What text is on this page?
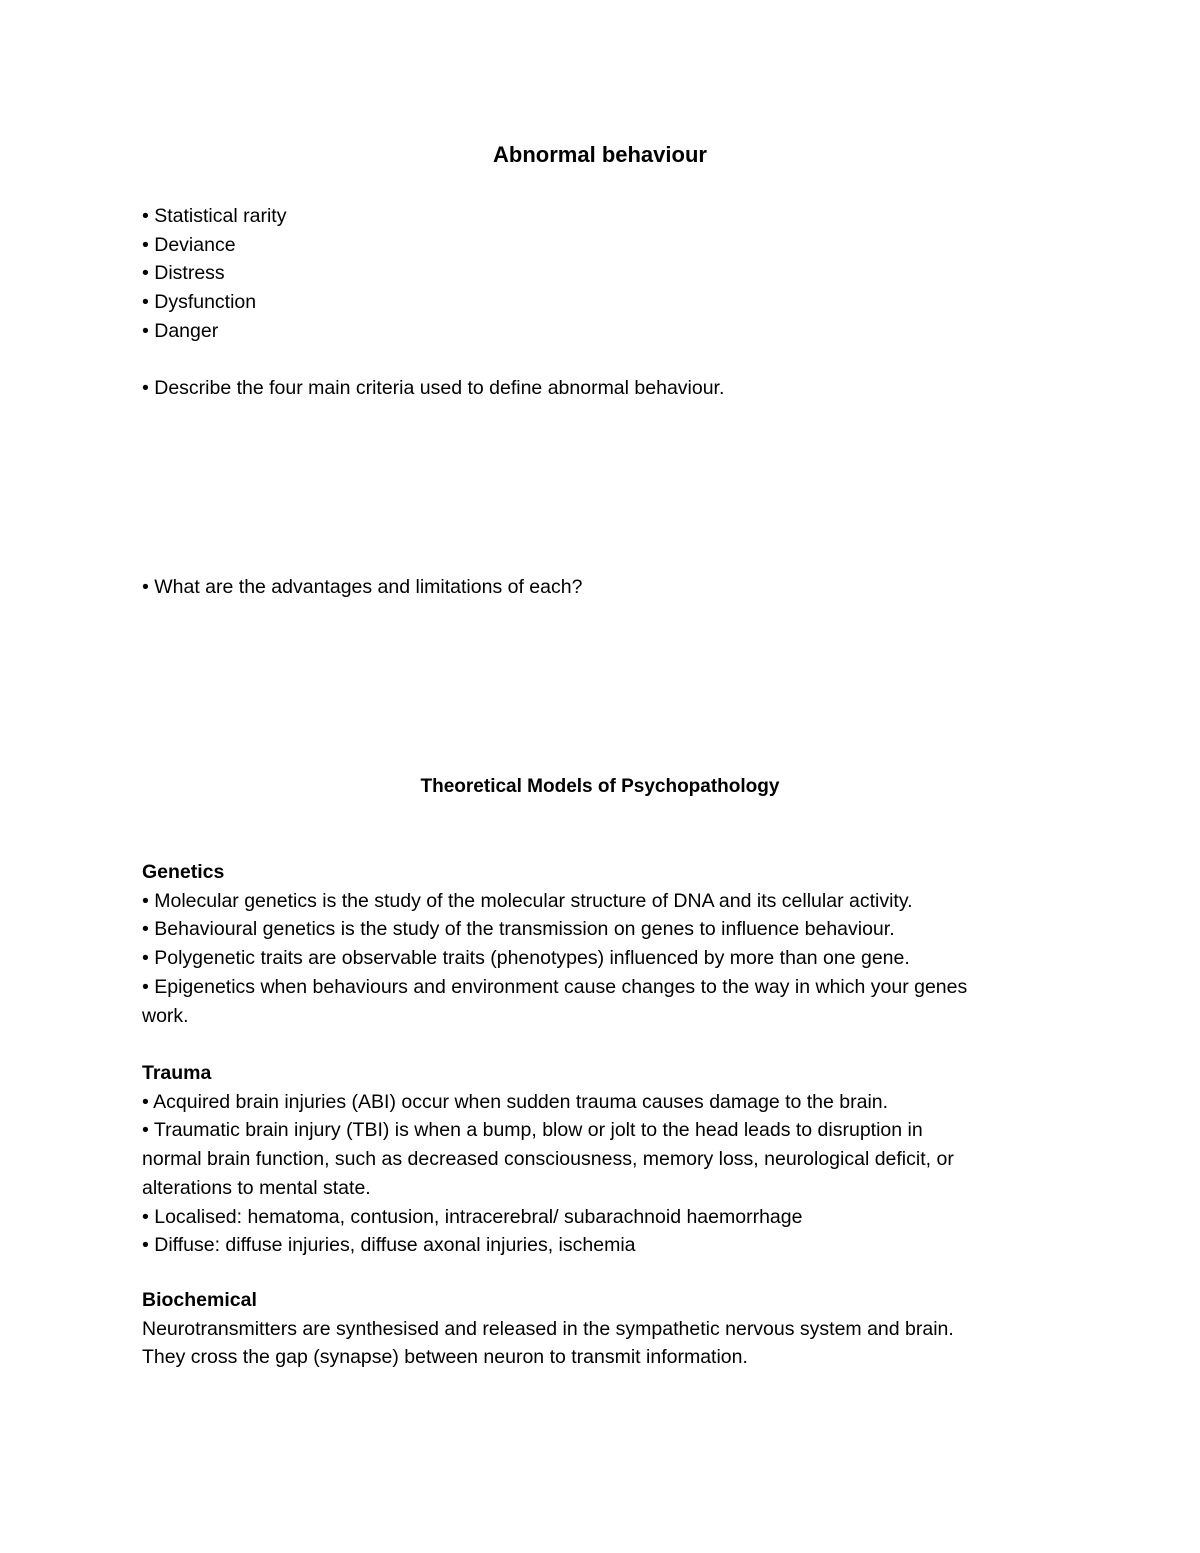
Abnormal behaviour
• Statistical rarity
• Deviance
• Distress
• Dysfunction
• Danger
• Describe the four main criteria used to define abnormal behaviour.
• What are the advantages and limitations of each?
Theoretical Models of Psychopathology
Genetics
• Molecular genetics is the study of the molecular structure of DNA and its cellular activity.
• Behavioural genetics is the study of the transmission on genes to influence behaviour.
• Polygenetic traits are observable traits (phenotypes) influenced by more than one gene.
• Epigenetics when behaviours and environment cause changes to the way in which your genes
work.
Trauma
• Acquired brain injuries (ABI) occur when sudden trauma causes damage to the brain.
• Traumatic brain injury (TBI) is when a bump, blow or jolt to the head leads to disruption in
normal brain function, such as decreased consciousness, memory loss, neurological deficit, or
alterations to mental state.
• Localised: hematoma, contusion, intracerebral/ subarachnoid haemorrhage
• Diffuse: diffuse injuries, diffuse axonal injuries, ischemia
Biochemical
Neurotransmitters are synthesised and released in the sympathetic nervous system and brain.
They cross the gap (synapse) between neuron to transmit information.
